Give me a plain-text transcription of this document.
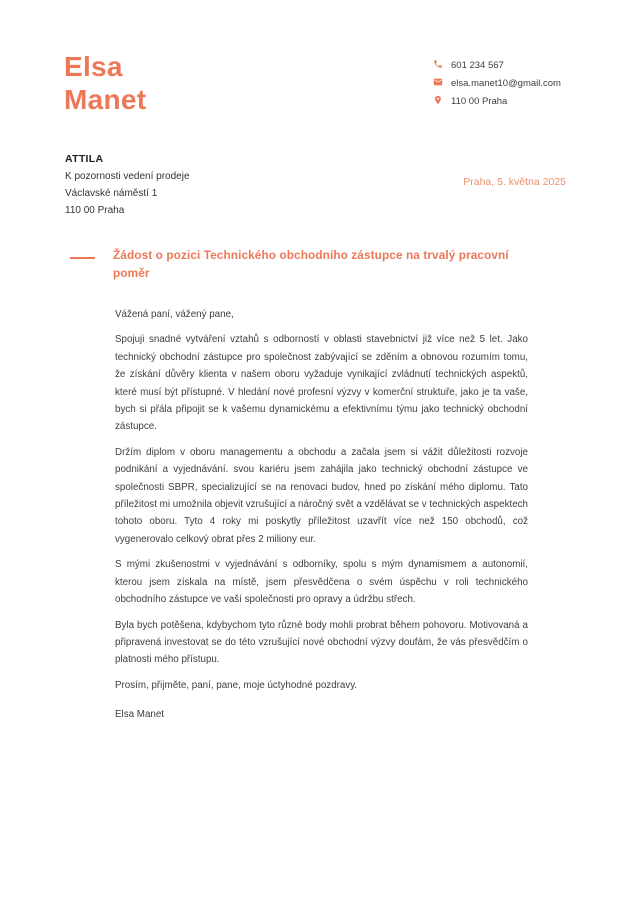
Elsa
Manet
601 234 567
elsa.manet10@gmail.com
110 00 Praha
ATTILA
K pozornosti vedení prodeje
Václavské náměstí 1
110 00 Praha
Praha, 5. května 2025
Žádost o pozici Technického obchodního zástupce na trvalý pracovní poměr

Vážená paní, vážený pane,

Spojuji snadné vytváření vztahů s odborností v oblasti stavebnictví již více než 5 let. Jako technický obchodní zástupce pro společnost zabývající se zděním a obnovou rozumím tomu, že získání důvěry klienta v našem oboru vyžaduje vynikající zvládnutí technických aspektů, které musí být přístupné. V hledání nové profesní výzvy v komerční struktuře, jako je ta vaše, bych si přála připojit se k vašemu dynamickému a efektivnímu týmu jako technický obchodní zástupce.

Držím diplom v oboru managementu a obchodu a začala jsem si vážit důležitosti rozvoje podnikání a vyjednávání. svou kariéru jsem zahájila jako technický obchodní zástupce ve společnosti SBPR, specializující se na renovaci budov, hned po získání mého diplomu. Tato příležitost mi umožnila objevit vzrušující a náročný svět a vzdělávat se v technických aspektech tohoto oboru. Tyto 4 roky mi poskytly příležitost uzavřít více než 150 obchodů, což vygenerovalo celkový obrat přes 2 miliony eur.

S mými zkušenostmi v vyjednávání s odborníky, spolu s mým dynamismem a autonomií, kterou jsem získala na místě, jsem přesvědčena o svém úspěchu v roli technického obchodního zástupce ve vaší společnosti pro opravy a údržbu střech.

Byla bych potěšena, kdybychom tyto různé body mohli probrat během pohovoru. Motivovaná a připravená investovat se do této vzrušující nové obchodní výzvy doufám, že vás přesvědčím o platnosti mého přístupu.

Prosím, přijměte, paní, pane, moje úctyhodné pozdravy.

Elsa Manet
